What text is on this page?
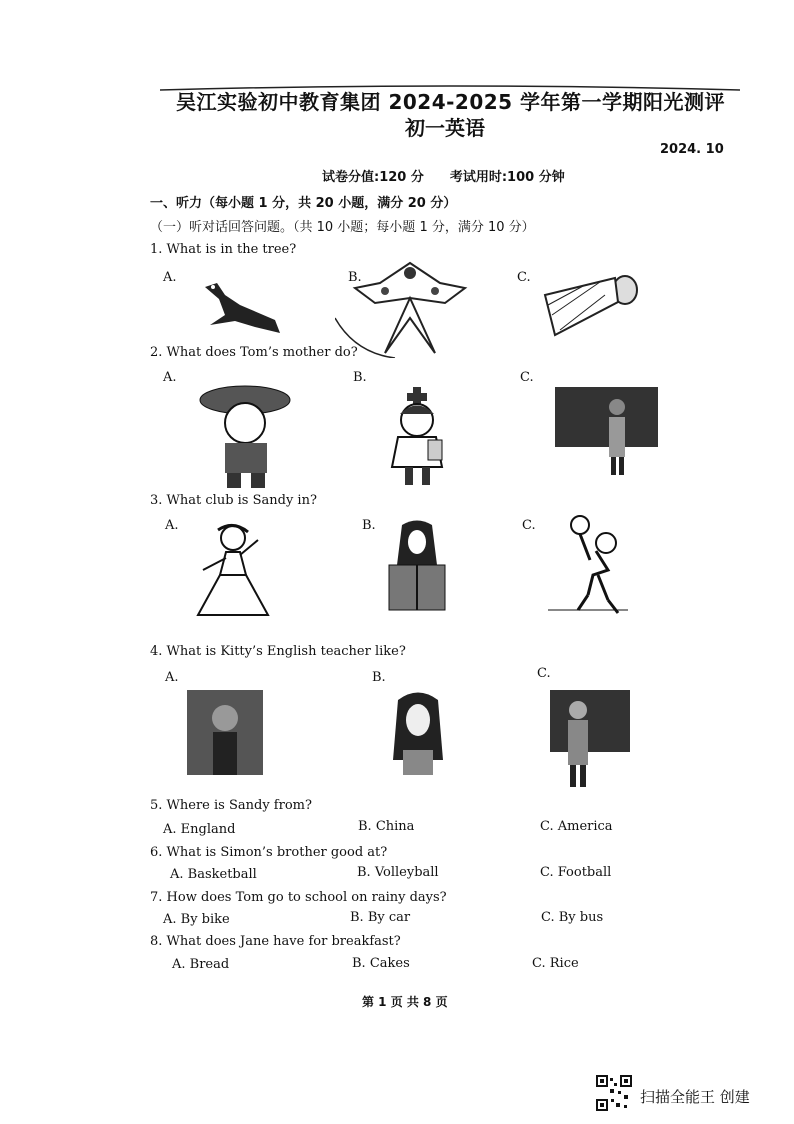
吴江实验初中教育集团 2024-2025 学年第一学期阳光测评
初一英语
2024. 10
试卷分值:120 分　　考试用时:100 分钟
一、听力（每小题 1 分，共 20 小题，满分 20 分）
（一）听对话回答问题。（共 10 小题；每小题 1 分，满分 10 分）
1. What is in the tree?
A.	B.	C.
2. What does Tom’s mother do?
A.	B.	C.
3. What club is Sandy in?
A.	B.	C.
4. What is Kitty’s English teacher like?
A.	B.	C.
5. Where is Sandy from?
A. England	B. China	C. America
6. What is Simon’s brother good at?
A. Basketball	B. Volleyball	C. Football
7. How does Tom go to school on rainy days?
A. By bike	B. By car	C. By bus
8. What does Jane have for breakfast?
A. Bread	B. Cakes	C. Rice
第 1 页 共 8 页
扫描全能王 创建
